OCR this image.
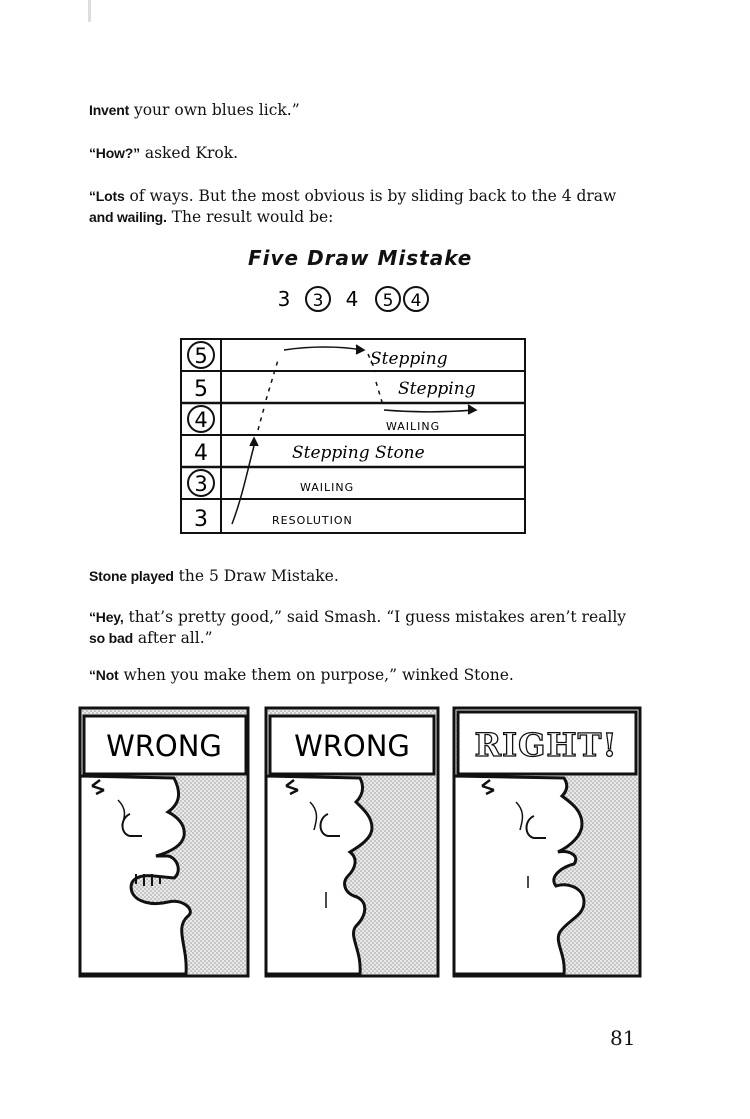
Invent your own blues lick.”

“How?” asked Krok.

“Lots of ways. But the most obvious is by sliding back to the 4 draw
and wailing. The result would be:

Five Draw Mistake
3 3 4 5 4
5	Stepping
5	Stepping
4	WAILING
4	Stepping Stone
3	WAILING
3	RESOLUTION

Stone played the 5 Draw Mistake.

“Hey, that’s pretty good,” said Smash. “I guess mistakes aren’t really
so bad after all.”

“Not when you make them on purpose,” winked Stone.

WRONG WRONG RIGHT!
81
